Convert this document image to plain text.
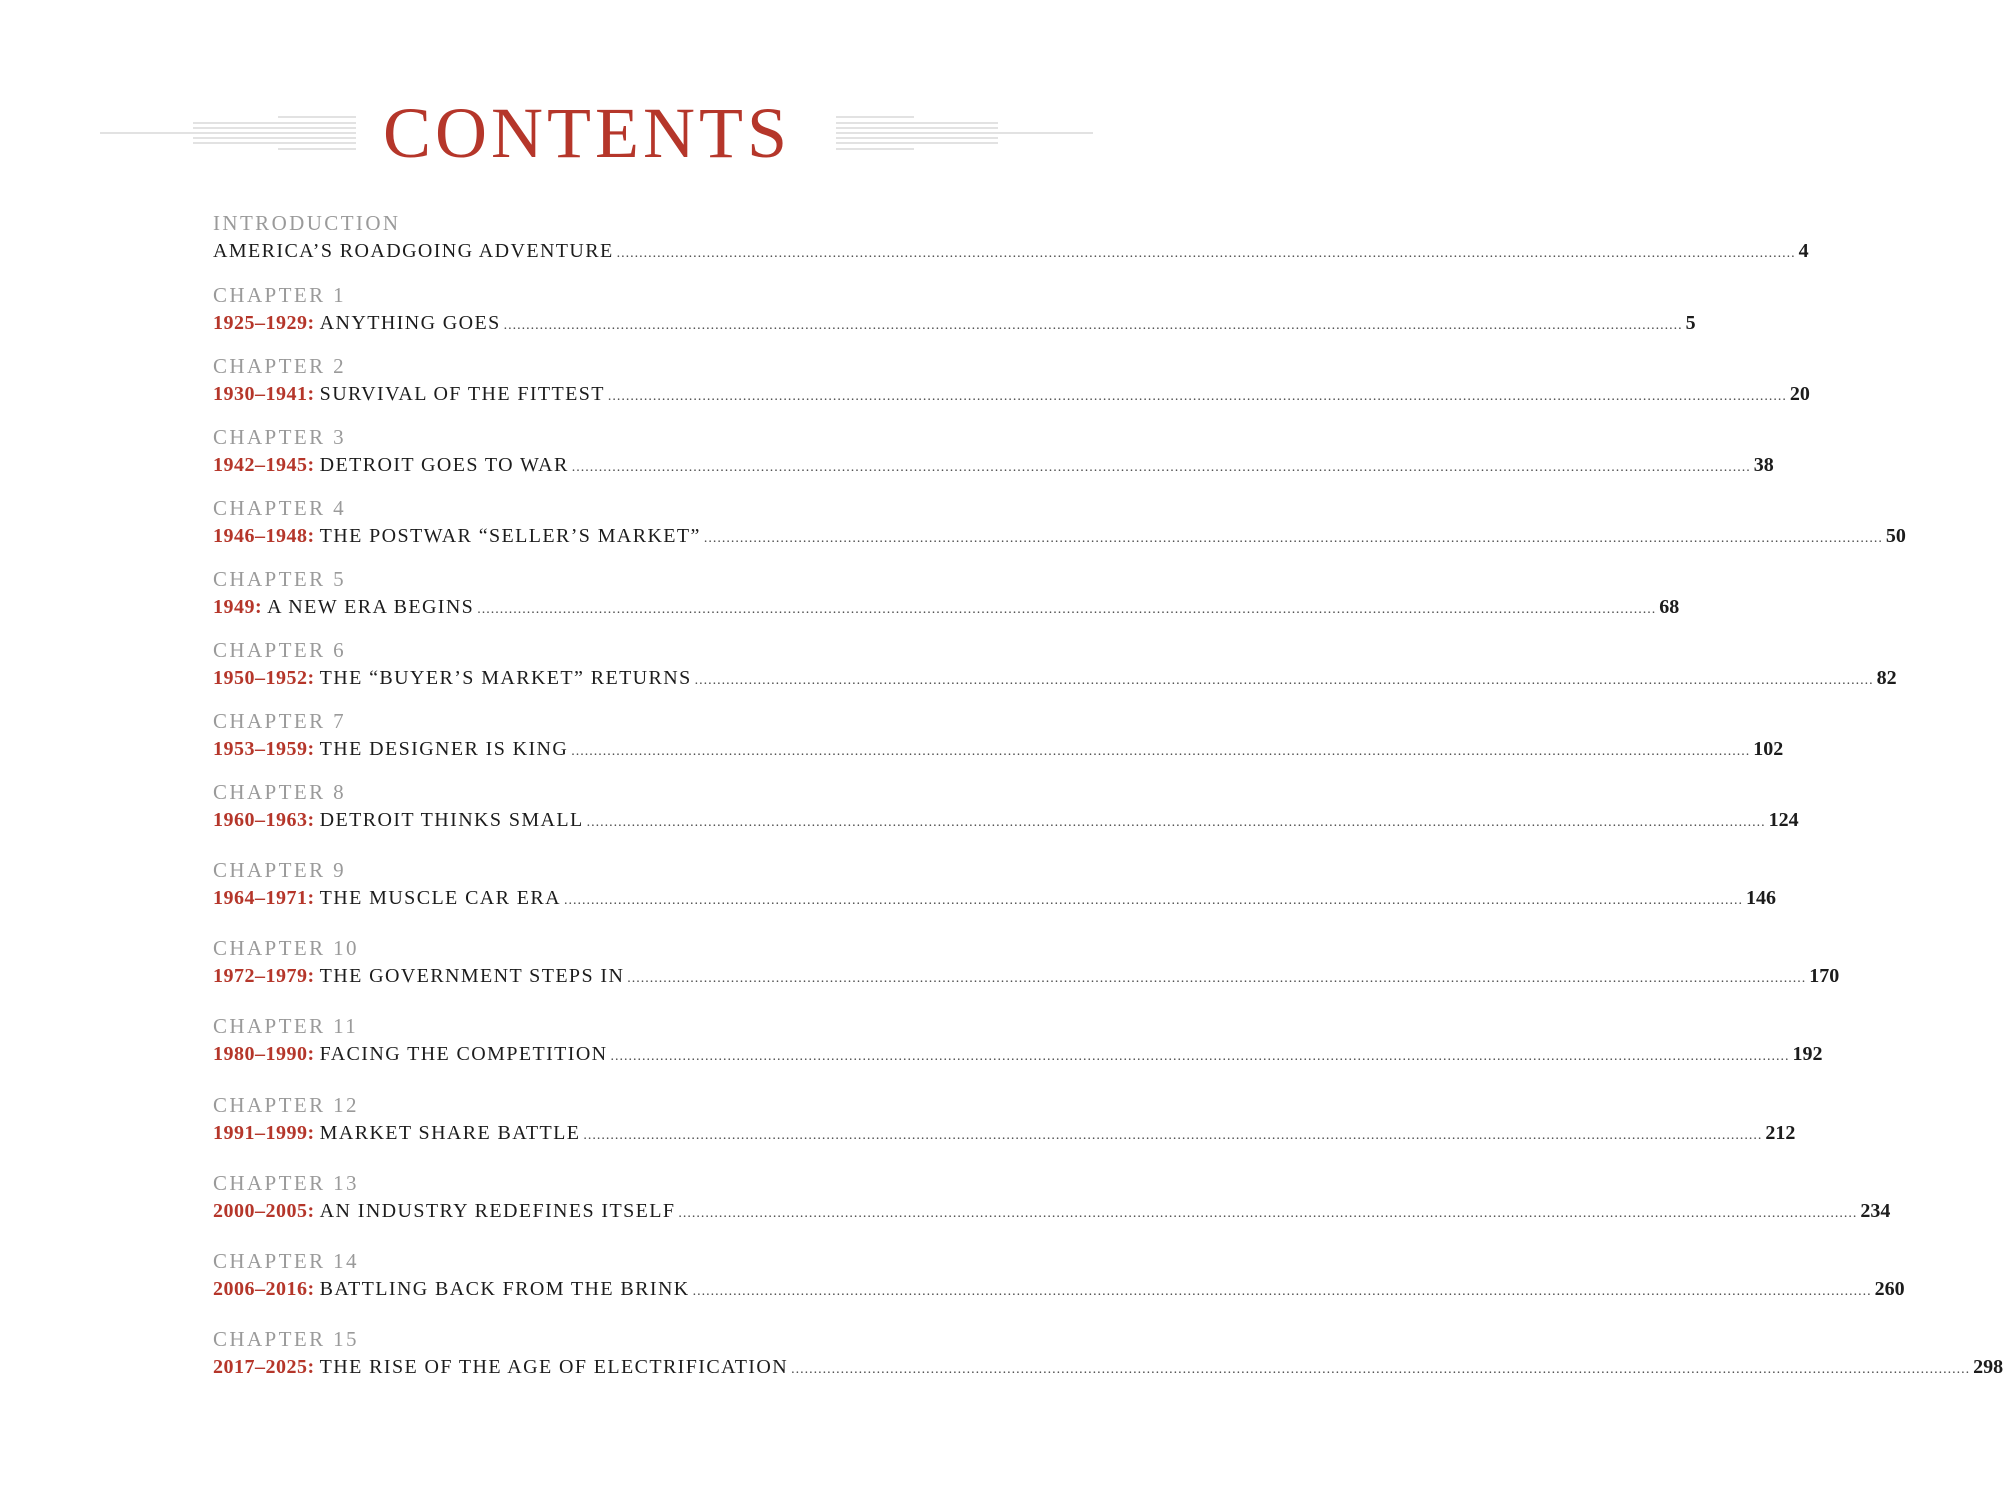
CONTENTS
INTRODUCTION
AMERICA’S ROADGOING ADVENTURE ...................................................................................................................................................................................................................................................................... 4
CHAPTER 1
1925–1929:
ANYTHING GOES ...................................................................................................................................................................................................................................................................... 5
CHAPTER 2
1930–1941:
SURVIVAL OF THE FITTEST ...................................................................................................................................................................................................................................................................... 20
CHAPTER 3
1942–1945:
DETROIT GOES TO WAR ...................................................................................................................................................................................................................................................................... 38
CHAPTER 4
1946–1948:
THE POSTWAR “SELLER’S MARKET” ...................................................................................................................................................................................................................................................................... 50
CHAPTER 5
1949:
A NEW ERA BEGINS ...................................................................................................................................................................................................................................................................... 68
CHAPTER 6
1950–1952:
THE “BUYER’S MARKET” RETURNS ...................................................................................................................................................................................................................................................................... 82
CHAPTER 7
1953–1959:
THE DESIGNER IS KING ...................................................................................................................................................................................................................................................................... 102
CHAPTER 8
1960–1963:
DETROIT THINKS SMALL ...................................................................................................................................................................................................................................................................... 124
CHAPTER 9
1964–1971:
THE MUSCLE CAR ERA ...................................................................................................................................................................................................................................................................... 146
CHAPTER 10
1972–1979:
THE GOVERNMENT STEPS IN ...................................................................................................................................................................................................................................................................... 170
CHAPTER 11
1980–1990:
FACING THE COMPETITION ...................................................................................................................................................................................................................................................................... 192
CHAPTER 12
1991–1999:
MARKET SHARE BATTLE ...................................................................................................................................................................................................................................................................... 212
CHAPTER 13
2000–2005:
AN INDUSTRY REDEFINES ITSELF ...................................................................................................................................................................................................................................................................... 234
CHAPTER 14
2006–2016:
BATTLING BACK FROM THE BRINK ...................................................................................................................................................................................................................................................................... 260
CHAPTER 15
2017–2025:
THE RISE OF THE AGE OF ELECTRIFICATION ...................................................................................................................................................................................................................................................................... 298
